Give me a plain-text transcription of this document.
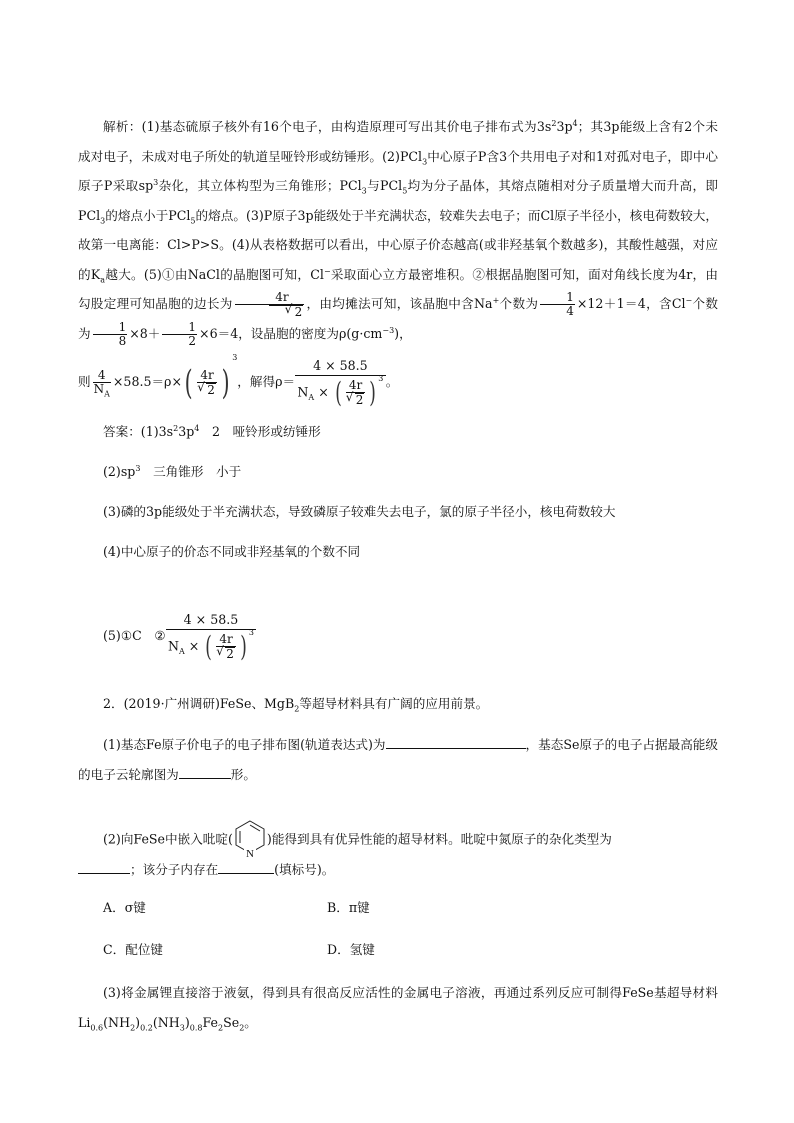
解析：(1)基态硫原子核外有16个电子，由构造原理可写出其价电子排布式为$3s^23p^4$；其3p能级上含有2个未成对电子，未成对电子所处的轨道呈哑铃形或纺锤形。(2)PCl$_3$中心原子P含3个共用电子对和1对孤对电子，即中心原子P采取$sp^3$杂化，其立体构型为三角锥形；PCl$_3$与PCl$_5$均为分子晶体，其熔点随相对分子质量增大而升高，即PCl$_3$的熔点小于PCl$_5$的熔点。(3)P原子3p能级处于半充满状态，较难失去电子；而Cl原子半径小，核电荷数较大，故第一电离能：Cl>P>S。(4)从表格数据可以看出，中心原子价态越高(或非羟基氧个数越多)，其酸性越强，对应的$K_a$越大。(5)①由NaCl的晶胞图可知，Cl−采取面心立方最密堆积。②根据晶胞图可知，面对角线长度为4r，由勾股定理可知晶胞的边长为 4r
√ 2 ，由均摊法可知，该晶胞中含Na+个数为 $\frac{1}{4} \times 12+1=4$，含Cl−个数为 $\frac{1}{8} \times 8+ \frac{1}{2} \times 6=4$，设晶胞的密度为$\rho(g\cdot cm^{-3})$，
则 $\frac{4}{N_A} \times 58.5=\rho\times$( 4r
√ 2 )$^3$，解得ρ＝ 4 × 58.5
$N_A$ × ( 4r
√ 2 ) $^3$ 。
答案：$(1)3s^23p^4$　2　哑铃形或纺锤形
$(2)sp^3$　三角锥形　小于
(3)磷的3p能级处于半充满状态，导致磷原子较难失去电子，氯的原子半径小，核电荷数较大
(4)中心原子的价态不同或非羟基氧的个数不同
(5)①C　② 4 × 58.5
$N_A$ × ( 4r
√ 2 ) $^3$
2．(2019·广州调研)FeSe、MgB$_2$等超导材料具有广阔的应用前景。
(1)基态Fe原子价电子的电子排布图(轨道表达式)为	，基态Se原子的电子占据最高能级的电子云轮廓图为	形。
(2)向FeSe中嵌入吡啶(
N
)能得到具有优异性能的超导材料。吡啶中氮原子的杂化类型为
；该分子内存在	(填标号)。
A．σ键	B．π键
C．配位键	D．氢键
(3)将金属锂直接溶于液氨，得到具有很高反应活性的金属电子溶液，再通过系列反应可制得FeSe基超导材料$Li_{0.6}(NH_2)_{0.2}(NH_3)_{0.8}Fe_2Se_2$。
